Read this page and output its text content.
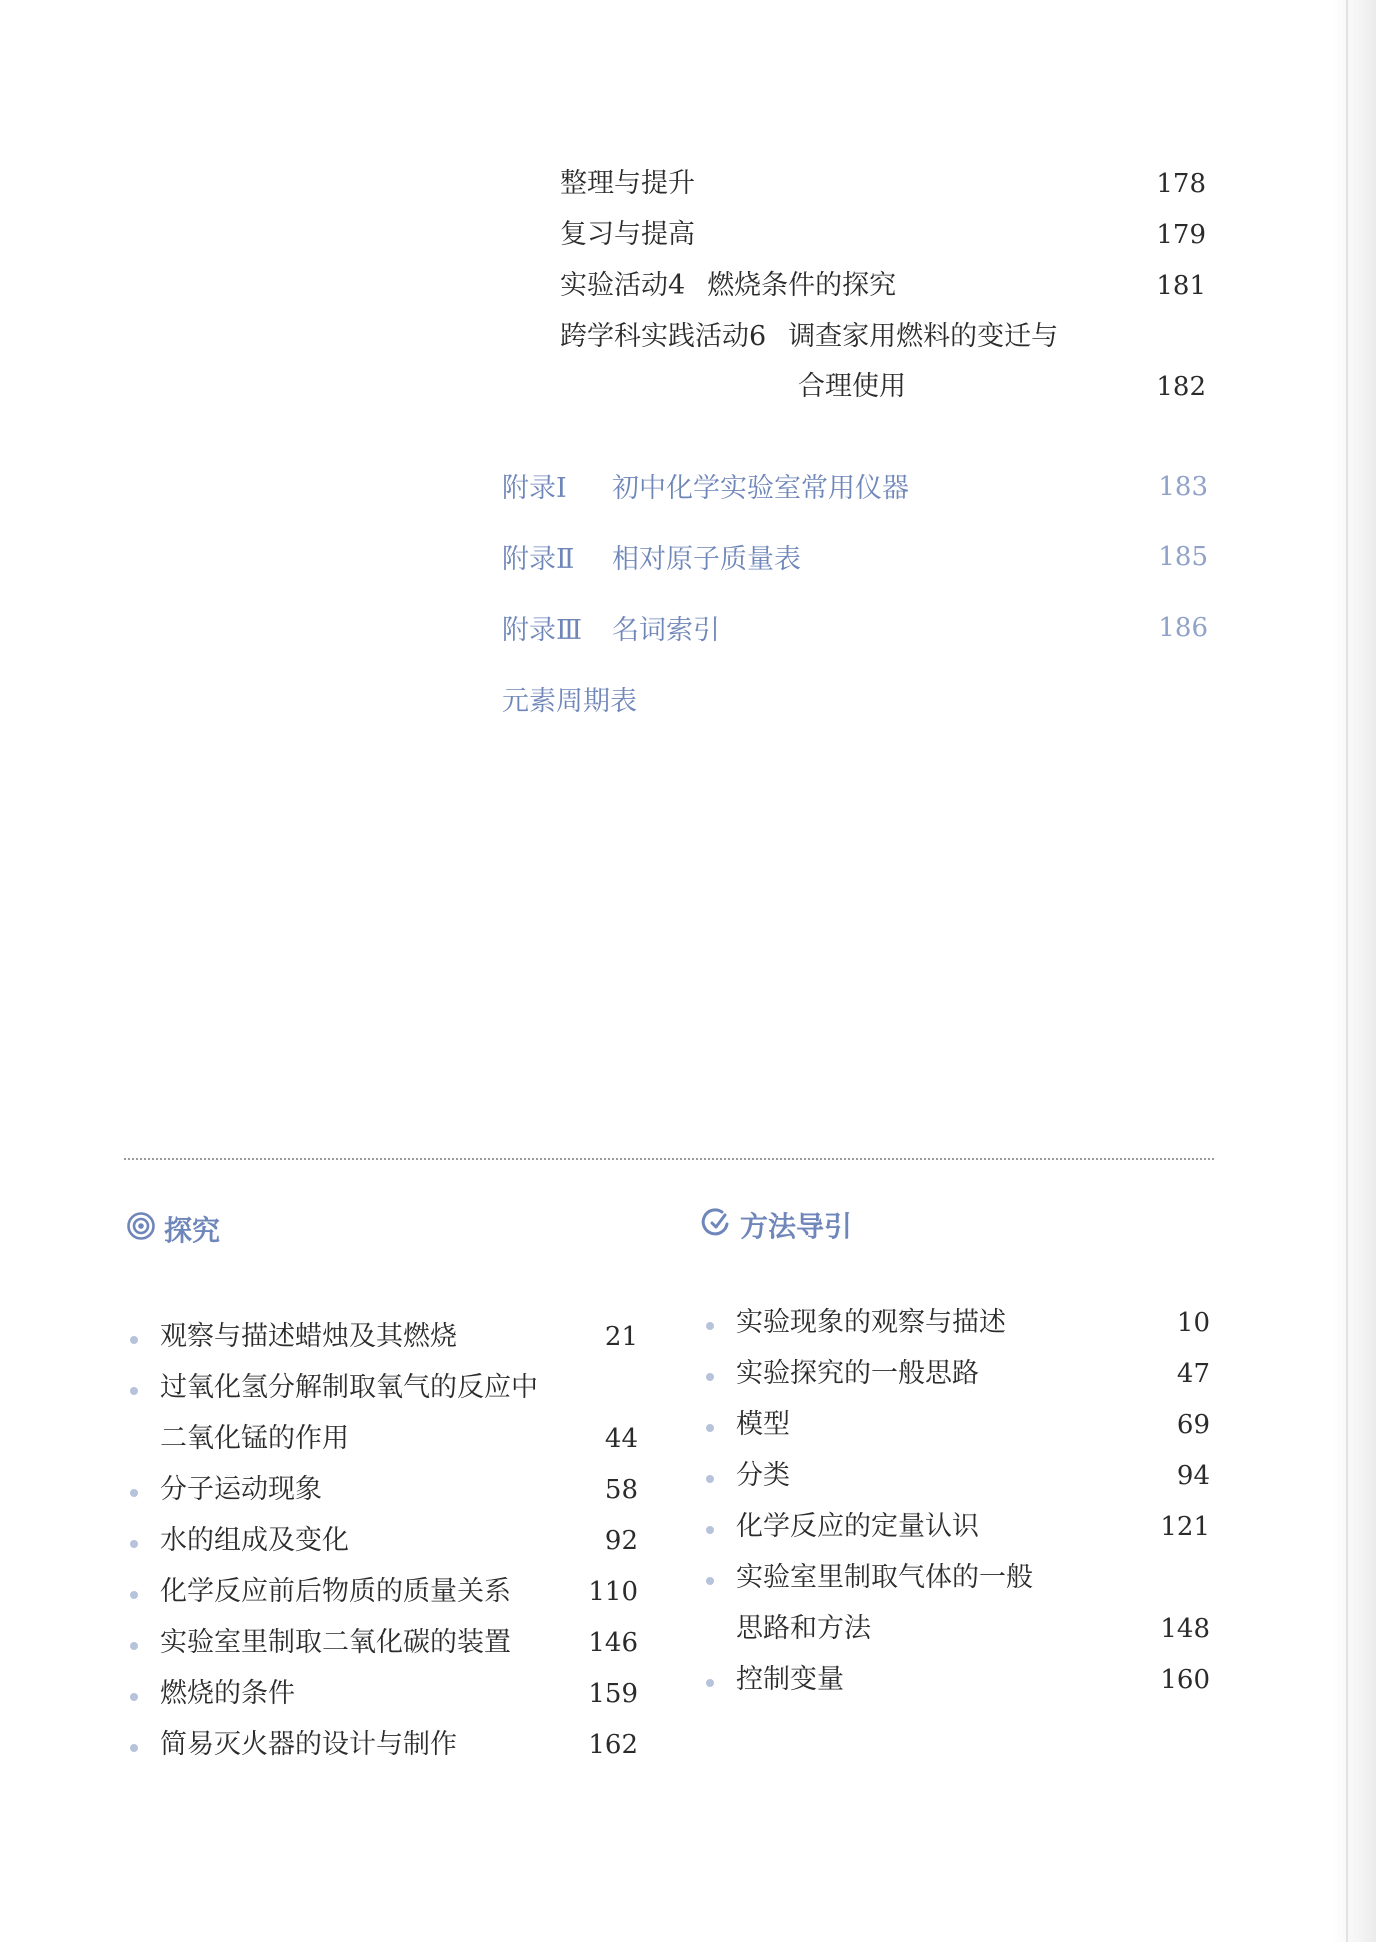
整理与提升	178
复习与提高	179
实验活动4 燃烧条件的探究	181
跨学科实践活动6 调查家用燃料的变迁与
合理使用	182
附录Ⅰ 初中化学实验室常用仪器	183
附录Ⅱ 相对原子质量表	185
附录Ⅲ 名词索引	186
元素周期表
探究	方法导引
观察与描述蜡烛及其燃烧	21
过氧化氢分解制取氧气的反应中
二氧化锰的作用	44
分子运动现象	58
水的组成及变化	92
化学反应前后物质的质量关系	110
实验室里制取二氧化碳的装置	146
燃烧的条件	159
简易灭火器的设计与制作	162
实验现象的观察与描述	10
实验探究的一般思路	47
模型	69
分类	94
化学反应的定量认识	121
实验室里制取气体的一般
思路和方法	148
控制变量	160
